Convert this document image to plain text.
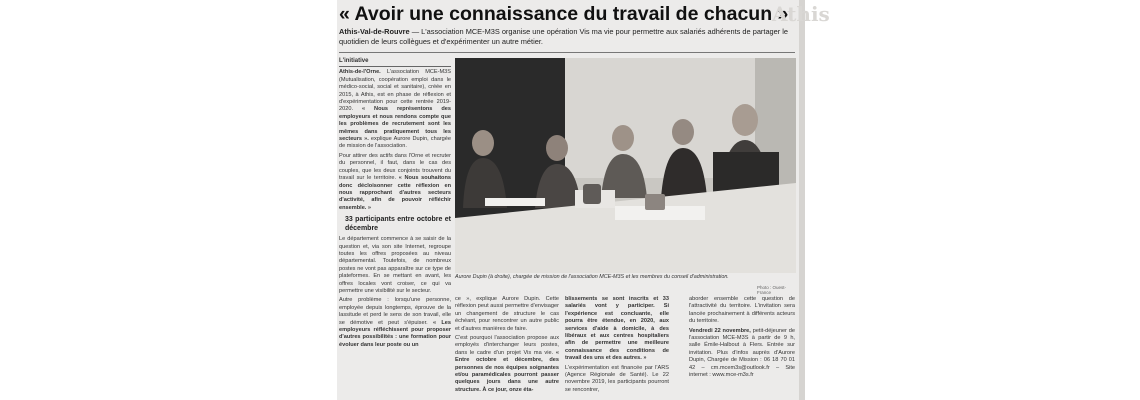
« Avoir une connaissance du travail de chacun »
Athis-Val-de-Rouvre — L'association MCE-M3S organise une opération Vis ma vie pour permettre aux salariés adhérents de partager le quotidien de leurs collègues et d'expérimenter un autre métier.
L'initiative

Athis-de-l'Orne. L'association MCE-M3S (Mutualisation, coopération emploi dans le médico-social, social et sanitaire), créée en 2015, à Athis, est en phase de réflexion et d'expérimentation pour cette rentrée 2019-2020. « Nous représentons des employeurs et nous rendons compte que les problèmes de recrutement sont les mêmes dans pratiquement tous les secteurs ». explique Aurore Dupin, chargée de mission de l'association.

Pour attirer des actifs dans l'Orne et recruter du personnel, il faut, dans le cas des couples, que les deux conjoints trouvent du travail sur le territoire. « Nous souhaitons donc décloisonner cette réflexion en nous rapprochant d'autres secteurs d'activité, afin de pouvoir réfléchir ensemble. »

33 participants entre octobre et décembre

Le département commence à se saisir de la question et, via son site Internet, regroupe toutes les offres proposées au niveau départemental. Toutefois, de nombreux postes ne vont pas apparaître sur ce type de plateformes. En se mettant en avant, les offres locales vont croiser, ce qui va permettre une visibilité sur le secteur.

Autre problème : lorsqu'une personne, employée depuis longtemps, éprouve de la lassitude et perd le sens de son travail, elle se démotive et peut s'épuiser. « Les employeurs réfléchissent pour proposer d'autres possibilités : une formation pour évoluer dans leur poste ou un

Aurore Dupin (à droite), chargée de mission de l'association MCE-M3S et les membres du conseil d'administration.
Photo : Ouest-France

ce », explique Aurore Dupin. Cette réflexion peut aussi permettre d'envisager un changement de structure le cas échéant, pour rencontrer un autre public et d'autres manières de faire.

C'est pourquoi l'association propose aux employés d'interchanger leurs postes, dans le cadre d'un projet Vis ma vie. « Entre octobre et décembre, des personnes de nos équipes soignantes et/ou paramédicales pourront passer quelques jours dans une autre structure. À ce jour, onze éta-

blissements se sont inscrits et 33 salariés vont y participer. Si l'expérience est concluante, elle pourra être étendue, en 2020, aux services d'aide à domicile, à des libéraux et aux centres hospitaliers afin de permettre une meilleure connaissance des conditions de travail des uns et des autres. »

L'expérimentation est financée par l'ARS (Agence Régionale de Santé). Le 22 novembre 2019, les participants pourront se rencontrer,

aborder ensemble cette question de l'attractivité du territoire. L'invitation sera lancée prochainement à différents acteurs du territoire.

Vendredi 22 novembre, petit-déjeuner de l'association MCE-M3S à partir de 9 h, salle Émile-Halbout à Flers. Entrée sur invitation. Plus d'infos auprès d'Aurore Dupin, Chargée de Mission : 06 18 70 01 42 – cm.mcem3s@outlook.fr – Site internet : www.mce-m3s.fr

Athis
